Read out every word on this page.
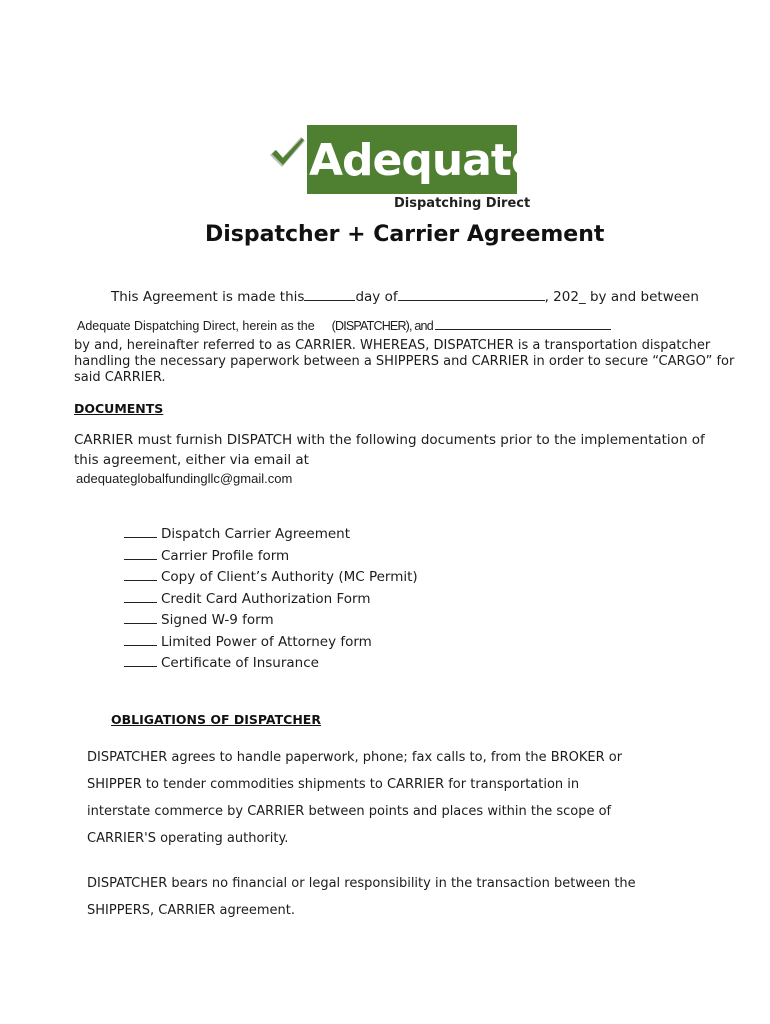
Adequate
Dispatching Direct
Dispatcher + Carrier Agreement
This Agreement is made this	day of	, 202_ by and between
Adequate Dispatching Direct, herein as the (DISPATCHER), and
by and, hereinafter referred to as CARRIER. WHEREAS, DISPATCHER is a transportation dispatcher
handling the necessary paperwork between a SHIPPERS and CARRIER in order to secure “CARGO” for
said CARRIER.
DOCUMENTS
CARRIER must furnish DISPATCH with the following documents prior to the implementation of
this agreement, either via email at
adequateglobalfundingllc@gmail.com
Dispatch Carrier Agreement
Carrier Profile form
Copy of Client’s Authority (MC Permit)
Credit Card Authorization Form
Signed W-9 form
Limited Power of Attorney form
Certificate of Insurance
OBLIGATIONS OF DISPATCHER
DISPATCHER agrees to handle paperwork, phone; fax calls to, from the BROKER or
SHIPPER to tender commodities shipments to CARRIER for transportation in
interstate commerce by CARRIER between points and places within the scope of
CARRIER'S operating authority.
DISPATCHER bears no financial or legal responsibility in the transaction between the
SHIPPERS, CARRIER agreement.
